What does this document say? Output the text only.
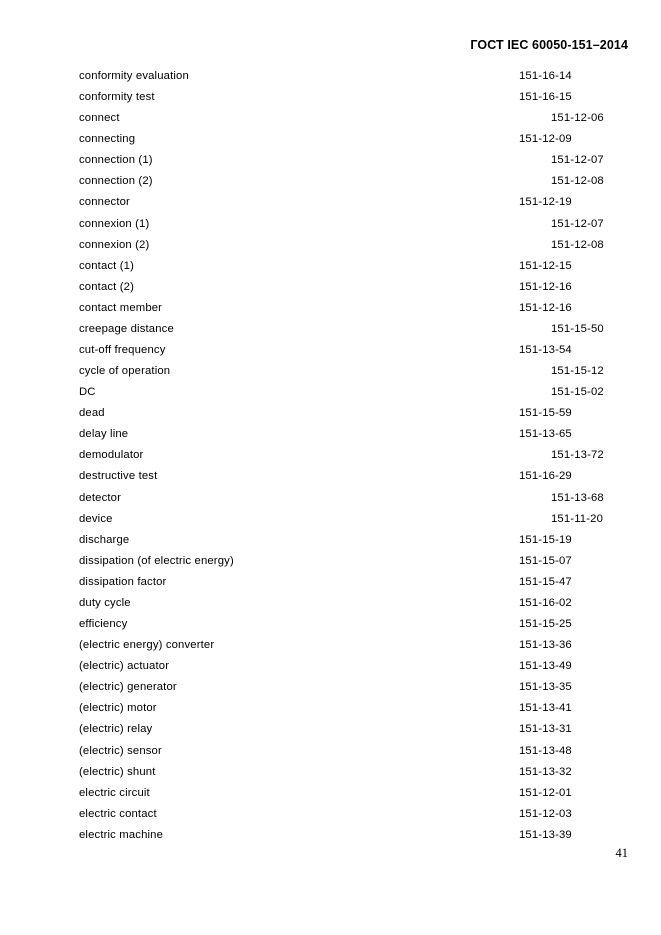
ГОСТ IEC 60050-151–2014
conformity evaluation	151-16-14
conformity test	151-16-15
connect	151-12-06
connecting	151-12-09
connection (1)	151-12-07
connection (2)	151-12-08
connector	151-12-19
connexion (1)	151-12-07
connexion (2)	151-12-08
contact (1)	151-12-15
contact (2)	151-12-16
contact member	151-12-16
creepage distance	151-15-50
cut-off frequency	151-13-54
cycle of operation	151-15-12
DC	151-15-02
dead	151-15-59
delay line	151-13-65
demodulator	151-13-72
destructive test	151-16-29
detector	151-13-68
device	151-11-20
discharge	151-15-19
dissipation (of electric energy)	151-15-07
dissipation factor	151-15-47
duty cycle	151-16-02
efficiency	151-15-25
(electric energy) converter	151-13-36
(electric) actuator	151-13-49
(electric) generator	151-13-35
(electric) motor	151-13-41
(electric) relay	151-13-31
(electric) sensor	151-13-48
(electric) shunt	151-13-32
electric circuit	151-12-01
electric contact	151-12-03
electric machine	151-13-39
41
